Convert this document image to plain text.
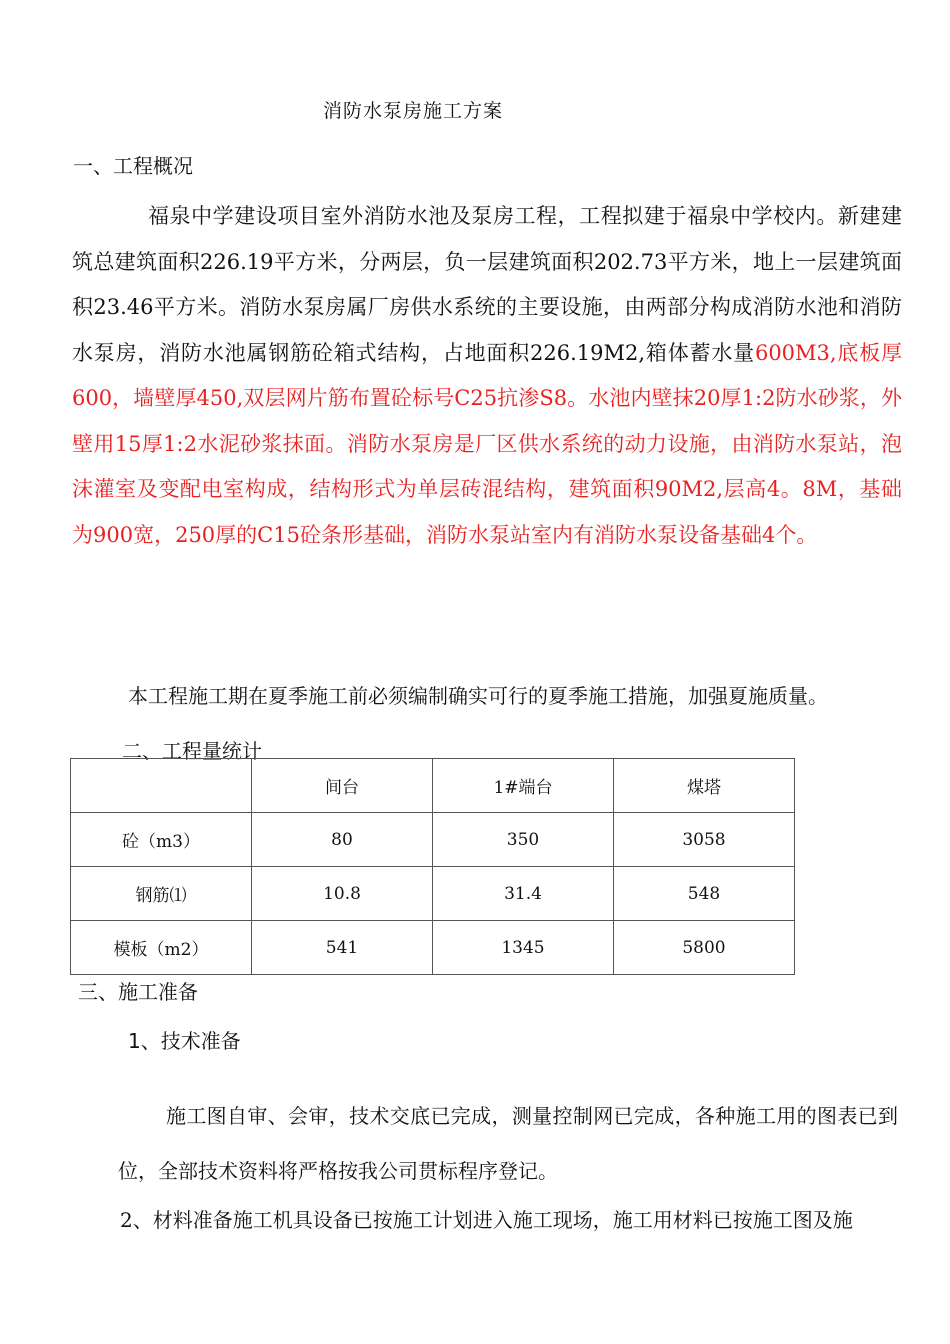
消防水泵房施工方案
一、工程概况
福泉中学建设项目室外消防水池及泵房工程，工程拟建于福泉中学校内。新建建筑总建筑面积226.19平方米，分两层，负一层建筑面积202.73平方米，地上一层建筑面积23.46平方米。消防水泵房属厂房供水系统的主要设施，由两部分构成消防水池和消防水泵房，消防水池属钢筋砼箱式结构，占地面积226.19M2,箱体蓄水量600M3,底板厚600，墙壁厚450,双层网片筋布置砼标号C25抗渗S8。水池内壁抹20厚1:2防水砂浆，外壁用15厚1:2水泥砂浆抹面。消防水泵房是厂区供水系统的动力设施，由消防水泵站，泡沫灌室及变配电室构成，结构形式为单层砖混结构，建筑面积90M2,层高4。8M，基础为900宽，250厚的C15砼条形基础，消防水泵站室内有消防水泵设备基础4个。
本工程施工期在夏季施工前必须编制确实可行的夏季施工措施，加强夏施质量。
二、工程量统计
	间台	1#端台	煤塔
砼（m3）	80	350	3058
钢筋⑴	10.8	31.4	548
模板（m2）	541	1345	5800
三、施工准备
1、技术准备
施工图自审、会审，技术交底已完成，测量控制网已完成，各种施工用的图表已到位，全部技术资料将严格按我公司贯标程序登记。
2、材料准备施工机具设备已按施工计划进入施工现场，施工用材料已按施工图及施
